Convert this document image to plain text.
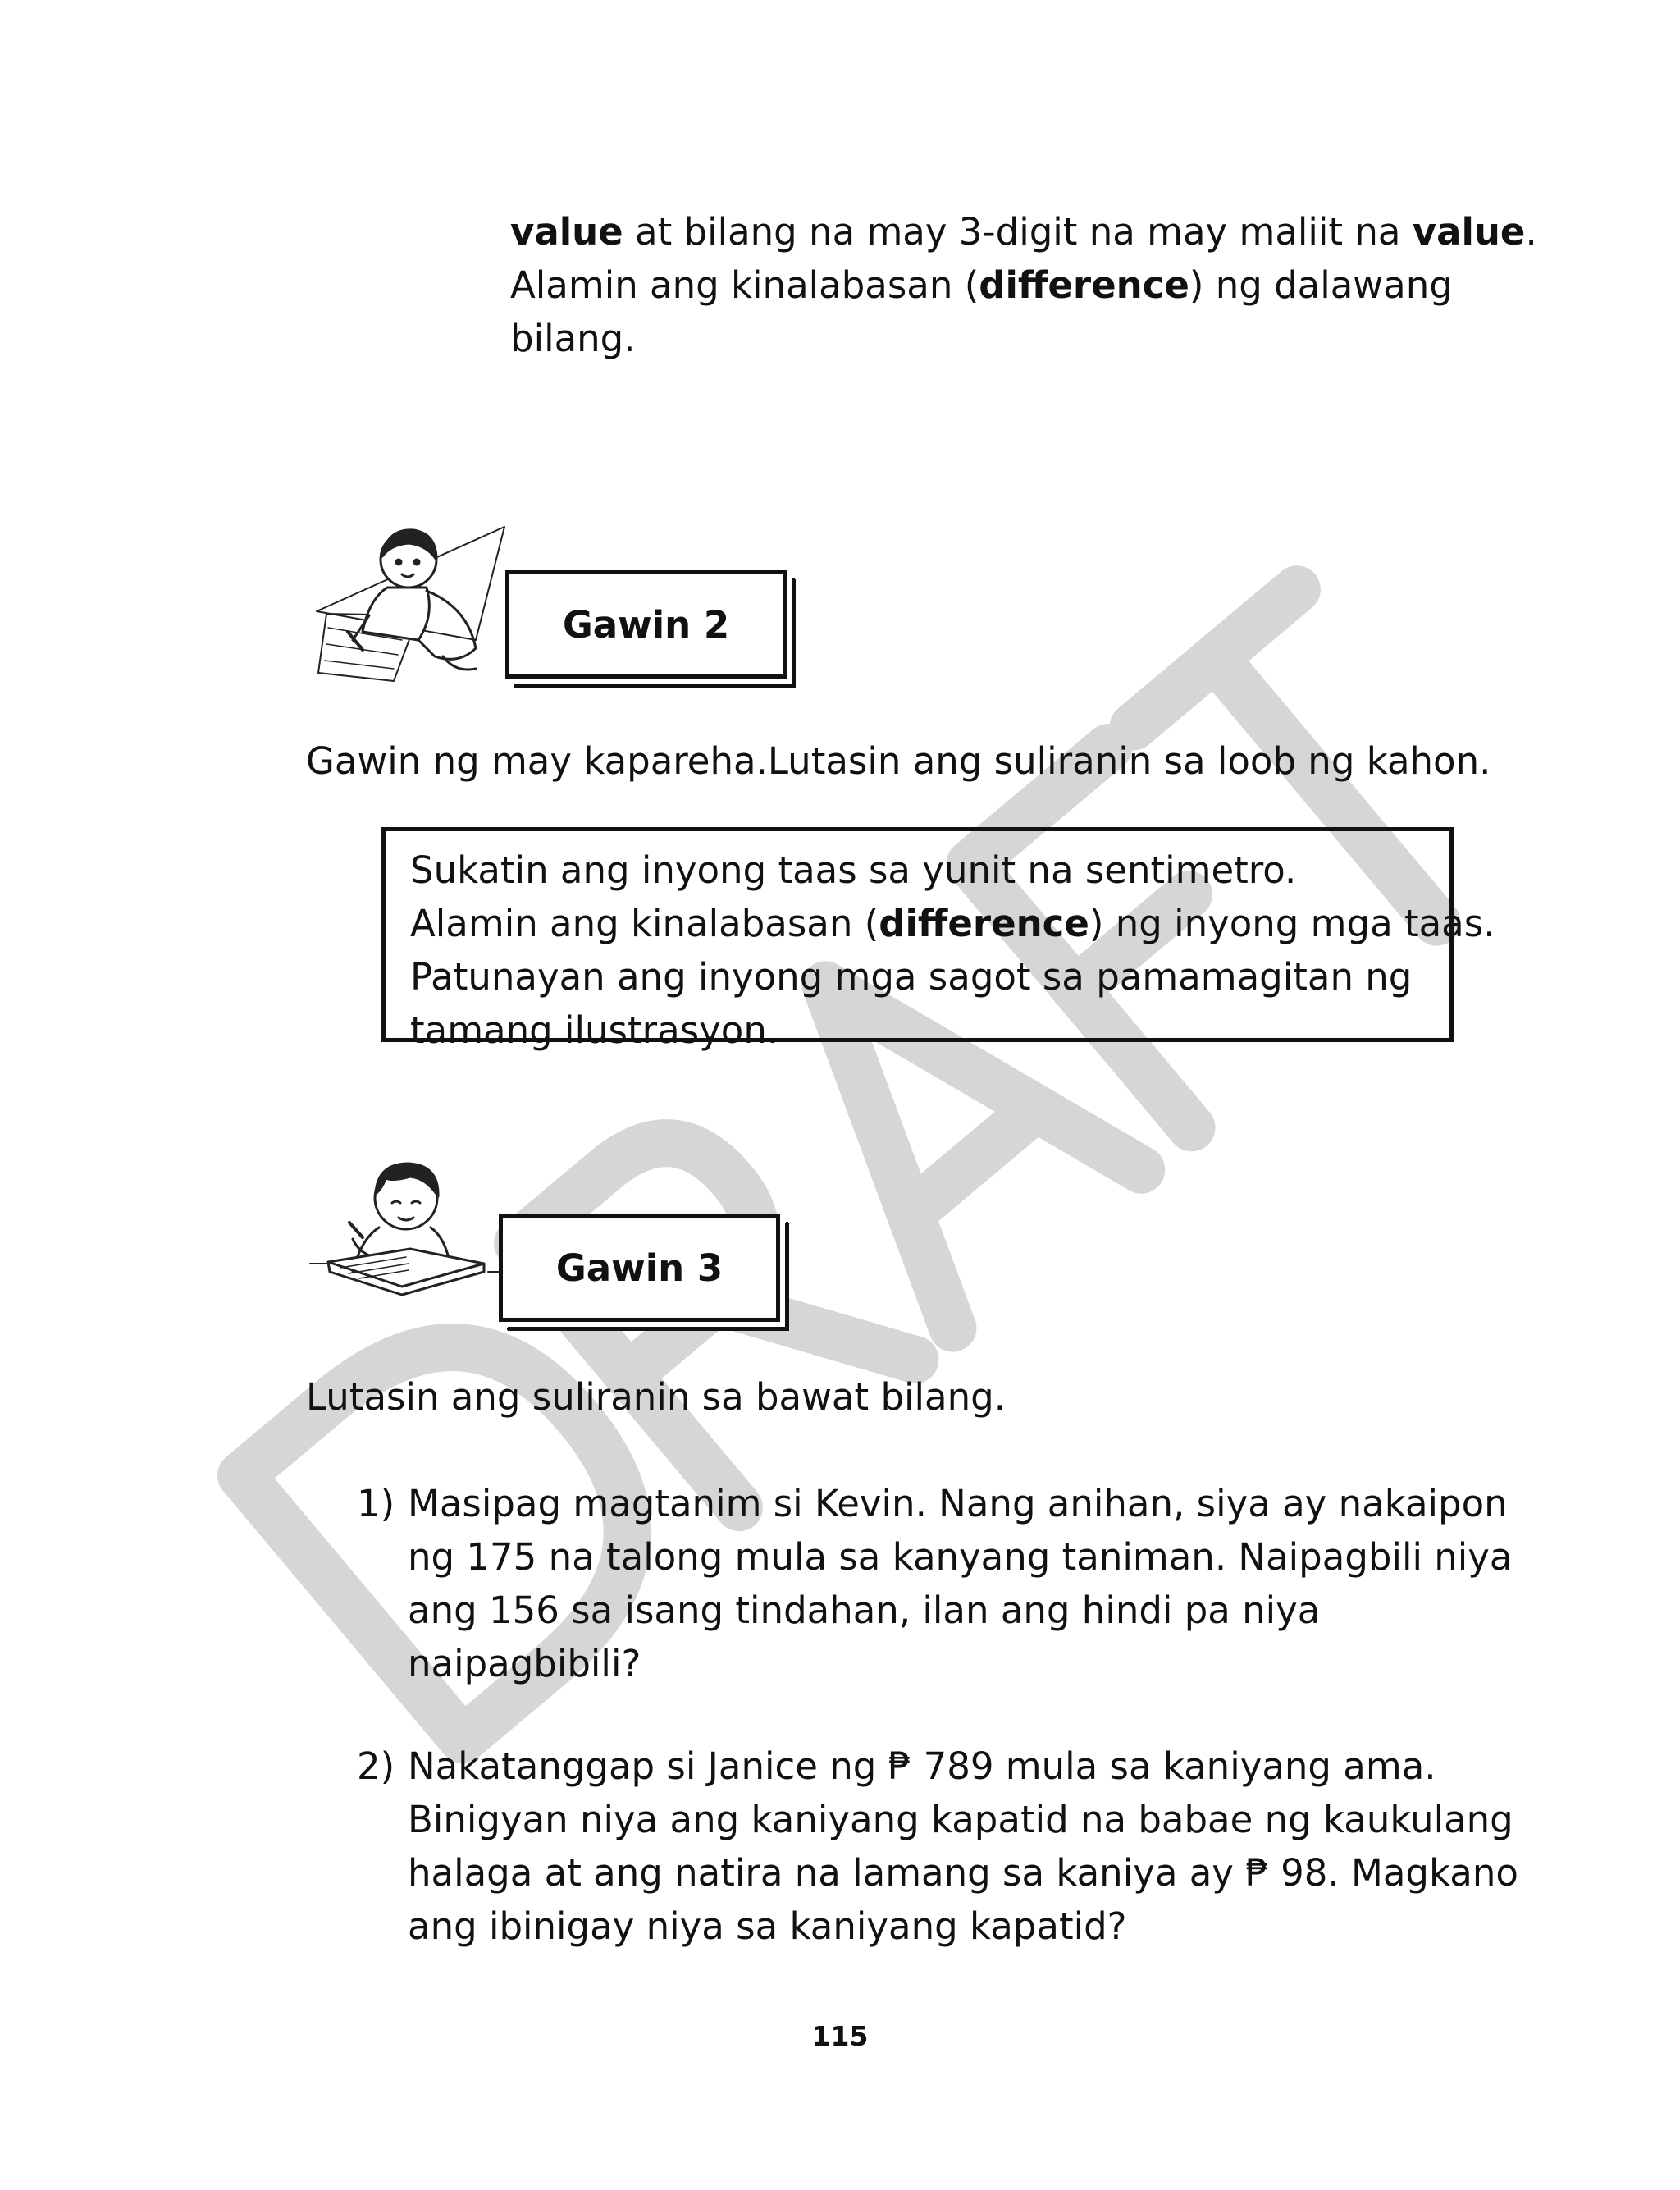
value at bilang na may 3-digit na may maliit na value.
Alamin ang kinalabasan (difference) ng dalawang
bilang.
Gawin 2
Gawin ng may kapareha.Lutasin ang suliranin sa loob ng kahon.
Sukatin ang inyong taas sa yunit na sentimetro.
Alamin ang kinalabasan (difference) ng inyong mga taas.
Patunayan ang inyong mga sagot sa pamamagitan ng
tamang ilustrasyon.
Gawin 3
Lutasin ang suliranin sa bawat bilang.
1) Masipag magtanim si Kevin. Nang anihan, siya ay nakaipon
ng 175 na talong mula sa kanyang taniman. Naipagbili niya
ang 156 sa isang tindahan, ilan ang hindi pa niya
naipagbibili?
2) Nakatanggap si Janice ng ₱ 789 mula sa kaniyang ama.
Binigyan niya ang kaniyang kapatid na babae ng kaukulang
halaga at ang natira na lamang sa kaniya ay ₱ 98. Magkano
ang ibinigay niya sa kaniyang kapatid?
115
